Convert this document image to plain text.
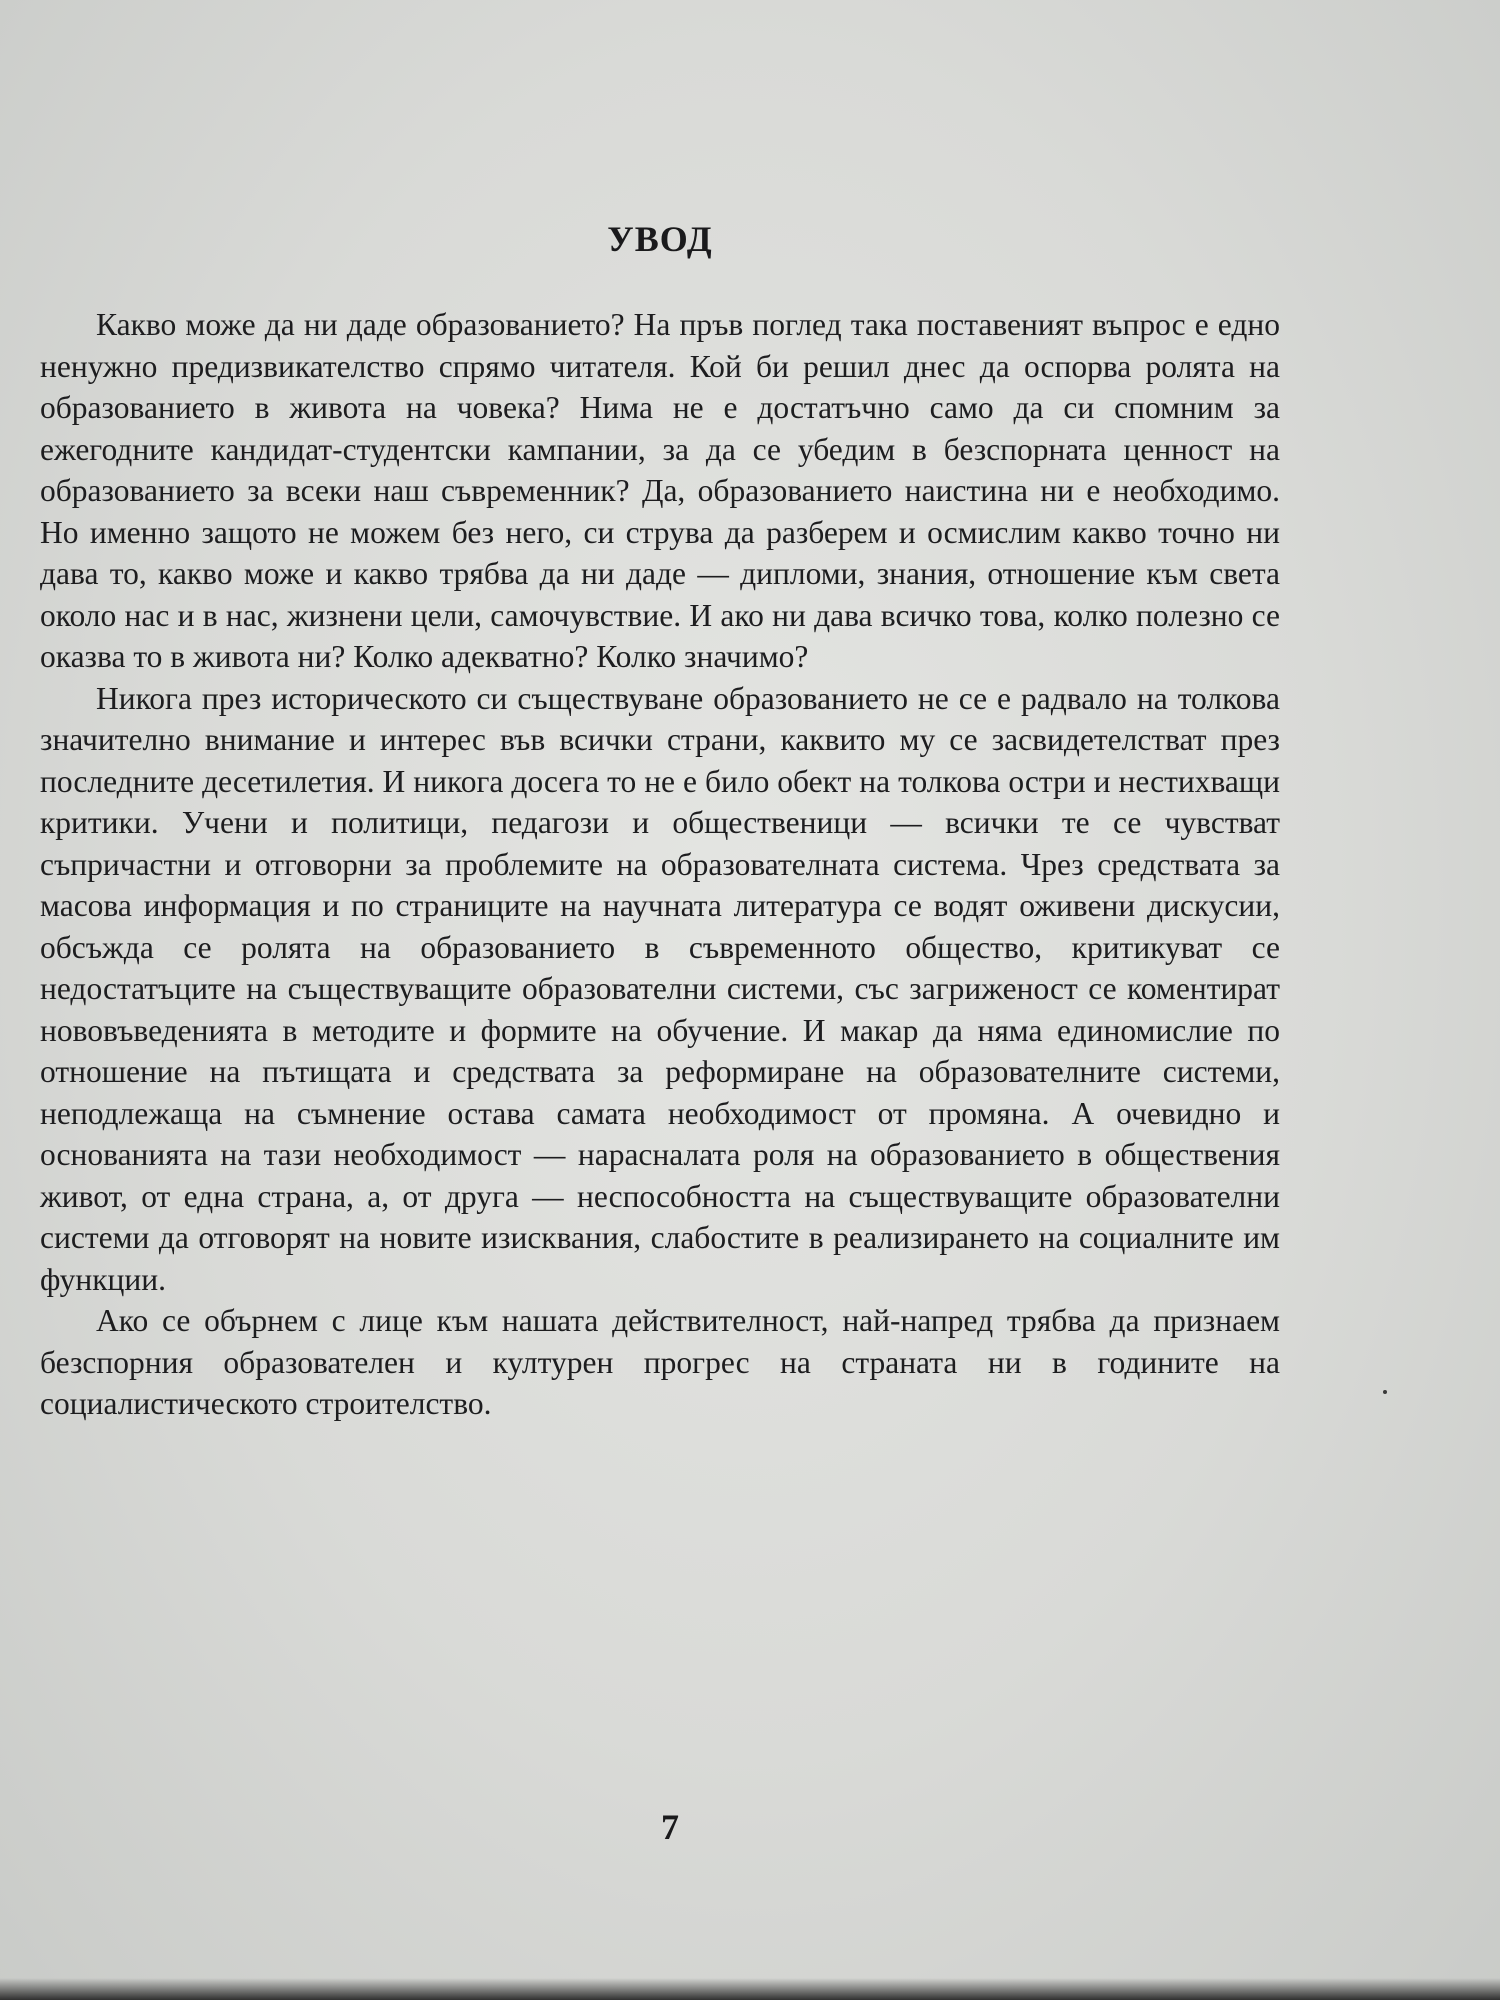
УВОД

Какво може да ни даде образованието? На пръв поглед така поставеният въпрос е едно ненужно предизвикателство спрямо читателя. Кой би решил днес да оспорва ролята на образованието в живота на човека? Нима не е достатъчно само да си спомним за ежегодните кандидат-студентски кампании, за да се убедим в безспорната ценност на образованието за всеки наш съвременник? Да, образованието наистина ни е необходимо. Но именно защото не можем без него, си струва да разберем и осмислим какво точно ни дава то, какво може и какво трябва да ни даде — дипломи, знания, отношение към света около нас и в нас, жизнени цели, самочувствие. И ако ни дава всичко това, колко полезно се оказва то в живота ни? Колко адекватно? Колко значимо?

Никога през историческото си съществуване образованието не се е радвало на толкова значително внимание и интерес във всички страни, каквито му се засвидетелстват през последните десетилетия. И никога досега то не е било обект на толкова остри и нестихващи критики. Учени и политици, педагози и общественици — всички те се чувстват съпричастни и отговорни за проблемите на образователната система. Чрез средствата за масова информация и по страниците на научната литература се водят оживени дискусии, обсъжда се ролята на образованието в съвременното общество, критикуват се недостатъците на съществуващите образователни системи, със загриженост се коментират нововъведенията в методите и формите на обучение. И макар да няма единомислие по отношение на пътищата и средствата за реформиране на образователните системи, неподлежаща на съмнение остава самата необходимост от промяна. А очевидно и основанията на тази необходимост — нарасналата роля на образованието в обществения живот, от една страна, а, от друга — неспособността на съществуващите образователни системи да отговорят на новите изисквания, слабостите в реализирането на социалните им функции.

Ако се обърнем с лице към нашата действителност, най-напред трябва да признаем безспорния образователен и културен прогрес на страната ни в годините на социалистическото строителство.

7
